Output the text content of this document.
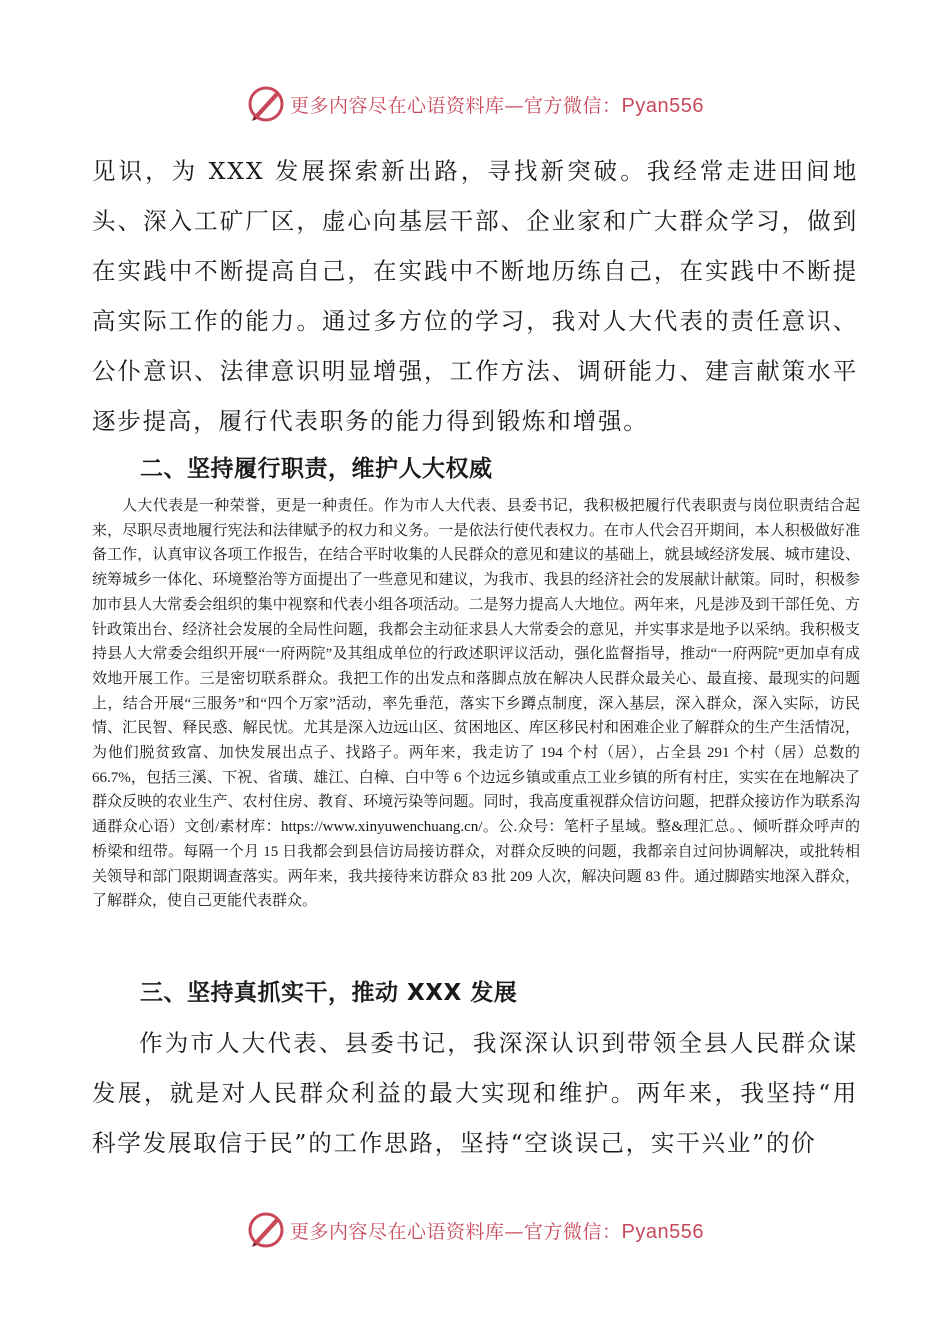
更多内容尽在心语资料库—官方微信：Pyan556

见识，为 XXX 发展探索新出路，寻找新突破。我经常走进田间地头、深入工矿厂区，虚心向基层干部、企业家和广大群众学习，做到在实践中不断提高自己，在实践中不断地历练自己，在实践中不断提高实际工作的能力。通过多方位的学习，我对人大代表的责任意识、公仆意识、法律意识明显增强，工作方法、调研能力、建言献策水平逐步提高，履行代表职务的能力得到锻炼和增强。

二、坚持履行职责，维护人大权威

人大代表是一种荣誉，更是一种责任。作为市人大代表、县委书记，我积极把履行代表职责与岗位职责结合起来，尽职尽责地履行宪法和法律赋予的权力和义务。一是依法行使代表权力。在市人代会召开期间，本人积极做好准备工作，认真审议各项工作报告，在结合平时收集的人民群众的意见和建议的基础上，就县域经济发展、城市建设、统筹城乡一体化、环境整治等方面提出了一些意见和建议，为我市、我县的经济社会的发展献计献策。同时，积极参加市县人大常委会组织的集中视察和代表小组各项活动。二是努力提高人大地位。两年来，凡是涉及到干部任免、方针政策出台、经济社会发展的全局性问题，我都会主动征求县人大常委会的意见，并实事求是地予以采纳。我积极支持县人大常委会组织开展“一府两院”及其组成单位的行政述职评议活动，强化监督指导，推动“一府两院”更加卓有成效地开展工作。三是密切联系群众。我把工作的出发点和落脚点放在解决人民群众最关心、最直接、最现实的问题上，结合开展“三服务”和“四个万家”活动，率先垂范，落实下乡蹲点制度，深入基层，深入群众，深入实际，访民情、汇民智、释民惑、解民忧。尤其是深入边远山区、贫困地区、库区移民村和困难企业了解群众的生产生活情况，为他们脱贫致富、加快发展出点子、找路子。两年来，我走访了 194 个村（居），占全县 291 个村（居）总数的 66.7%，包括三溪、下祝、省璜、雄江、白樟、白中等 6 个边远乡镇或重点工业乡镇的所有村庄，实实在在地解决了群众反映的农业生产、农村住房、教育、环境污染等问题。同时，我高度重视群众信访问题，把群众接访作为联系沟通群众心语）文创/素材库：https://www.xinyuwenchuang.cn/。公.众号：笔杆子星域。整&理汇总。、倾听群众呼声的桥梁和纽带。每隔一个月 15 日我都会到县信访局接访群众，对群众反映的问题，我都亲自过问协调解决，或批转相关领导和部门限期调查落实。两年来，我共接待来访群众 83 批 209 人次，解决问题 83 件。通过脚踏实地深入群众，了解群众，使自己更能代表群众。

三、坚持真抓实干，推动 XXX 发展

作为市人大代表、县委书记，我深深认识到带领全县人民群众谋发展，就是对人民群众利益的最大实现和维护。两年来，我坚持“用科学发展取信于民”的工作思路，坚持“空谈误己，实干兴业”的价

更多内容尽在心语资料库—官方微信：Pyan556
